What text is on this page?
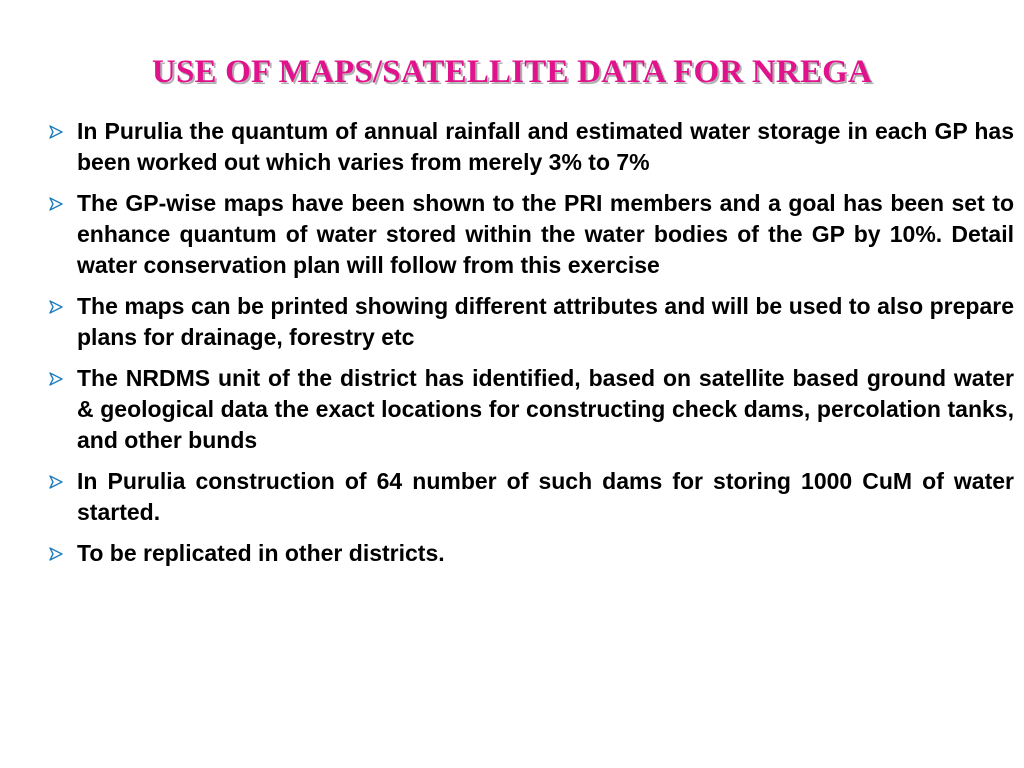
USE OF MAPS/SATELLITE DATA FOR NREGA
In Purulia the quantum of annual rainfall and estimated water storage in each GP has been worked out which varies from merely 3% to 7%
The GP-wise maps have been shown to the PRI members and a goal has been set to enhance quantum of water stored within the water bodies of the GP by 10%. Detail water conservation plan will follow from this exercise
The maps can be printed showing different attributes and will be used to also prepare plans for drainage, forestry etc
The NRDMS unit of the district has identified, based on satellite based ground water & geological data the exact locations for constructing check dams, percolation tanks, and other bunds
In Purulia construction of 64 number of such dams for storing 1000 CuM of water started.
To be replicated in other districts.
